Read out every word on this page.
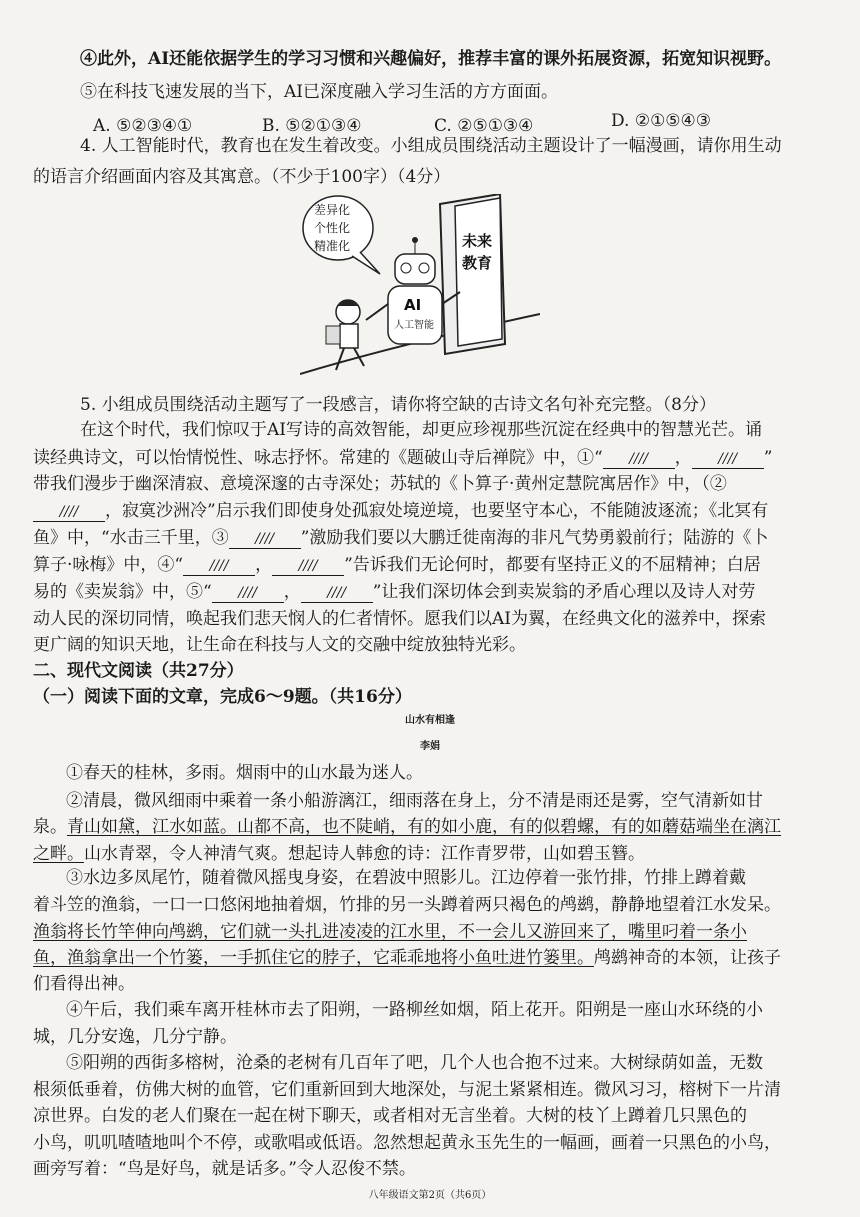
④此外，AI还能依据学生的学习习惯和兴趣偏好，推荐丰富的课外拓展资源，拓宽知识视野。
⑤在科技飞速发展的当下，AI已深度融入学习生活的方方面面。
A. ⑤②③④①	B. ⑤②①③④	C. ②⑤①③④	D. ②①⑤④③
4. 人工智能时代，教育也在发生着改变。小组成员围绕活动主题设计了一幅漫画，请你用生动
的语言介绍画面内容及其寓意。（不少于100字）（4分）
未来
教育
差异化
个性化
精准化
AI
人工智能
5. 小组成员围绕活动主题写了一段感言，请你将空缺的古诗文名句补充完整。（8分）
在这个时代，我们惊叹于AI写诗的高效智能，却更应珍视那些沉淀在经典中的智慧光芒。诵
读经典诗文，可以怡情悦性、咏志抒怀。常建的《题破山寺后禅院》中，①“ //// ， //// ”
带我们漫步于幽深清寂、意境深邃的古寺深处；苏轼的《卜算子·黄州定慧院寓居作》中，（②
//// ，寂寞沙洲冷”启示我们即使身处孤寂处境逆境，也要坚守本心，不能随波逐流；《北冥有
鱼》中，“水击三千里，③ //// ”激励我们要以大鹏迁徙南海的非凡气势勇毅前行；陆游的《卜
算子·咏梅》中，④“ //// ， //// ”告诉我们无论何时，都要有坚持正义的不屈精神；白居
易的《卖炭翁》中，⑤“ //// ， //// ”让我们深切体会到卖炭翁的矛盾心理以及诗人对劳
动人民的深切同情，唤起我们悲天悯人的仁者情怀。愿我们以AI为翼，在经典文化的滋养中，探索
更广阔的知识天地，让生命在科技与人文的交融中绽放独特光彩。
二、现代文阅读（共27分）
（一）阅读下面的文章，完成6～9题。（共16分）
山水有相逢
李娟
①春天的桂林，多雨。烟雨中的山水最为迷人。
②清晨，微风细雨中乘着一条小船游漓江，细雨落在身上，分不清是雨还是雾，空气清新如甘
泉。青山如黛，江水如蓝。山都不高，也不陡峭，有的如小鹿，有的似碧螺，有的如蘑菇端坐在漓江
之畔。山水青翠，令人神清气爽。想起诗人韩愈的诗：江作青罗带，山如碧玉簪。
③水边多凤尾竹，随着微风摇曳身姿，在碧波中照影儿。江边停着一张竹排，竹排上蹲着戴
着斗笠的渔翁，一口一口悠闲地抽着烟，竹排的另一头蹲着两只褐色的鸬鹚，静静地望着江水发呆。
渔翁将长竹竿伸向鸬鹚，它们就一头扎进凌凌的江水里，不一会儿又游回来了，嘴里叼着一条小
鱼，渔翁拿出一个竹篓，一手抓住它的脖子，它乖乖地将小鱼吐进竹篓里。鸬鹚神奇的本领，让孩子
们看得出神。
④午后，我们乘车离开桂林市去了阳朔，一路柳丝如烟，陌上花开。阳朔是一座山水环绕的小
城，几分安逸，几分宁静。
⑤阳朔的西街多榕树，沧桑的老树有几百年了吧，几个人也合抱不过来。大树绿荫如盖，无数
根须低垂着，仿佛大树的血管，它们重新回到大地深处，与泥土紧紧相连。微风习习，榕树下一片清
凉世界。白发的老人们聚在一起在树下聊天，或者相对无言坐着。大树的枝丫上蹲着几只黑色的
小鸟，叽叽喳喳地叫个不停，或歌唱或低语。忽然想起黄永玉先生的一幅画，画着一只黑色的小鸟，
画旁写着：“鸟是好鸟，就是话多。”令人忍俊不禁。
八年级语文第2页（共6页）
